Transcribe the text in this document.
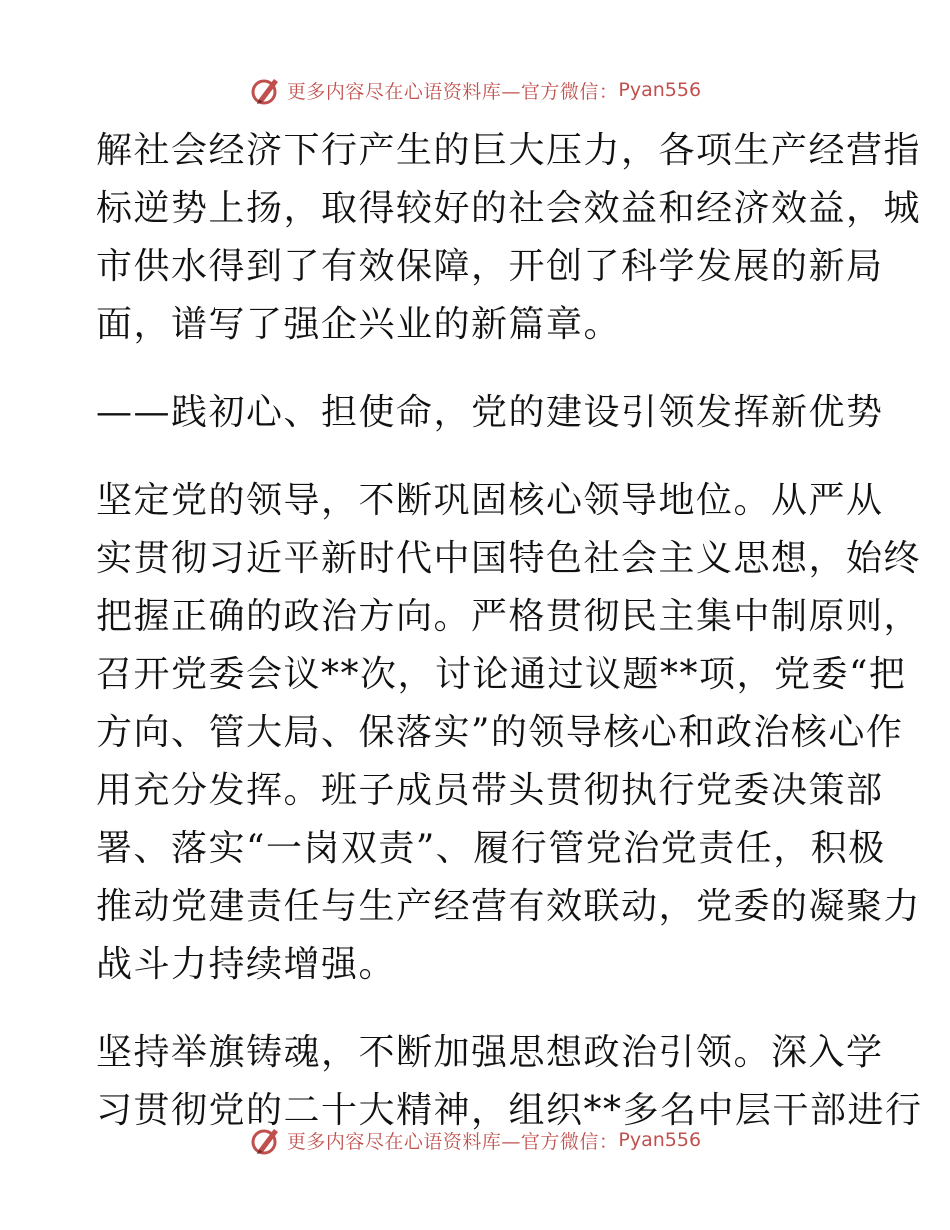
更多内容尽在心语资料库—官方微信： Pyan556
解社会经济下行产生的巨大压力，各项生产经营指
标逆势上扬，取得较好的社会效益和经济效益，城
市供水得到了有效保障，开创了科学发展的新局
面，谱写了强企兴业的新篇章。
——践初心、担使命，党的建设引领发挥新优势
坚定党的领导，不断巩固核心领导地位。从严从
实贯彻习近平新时代中国特色社会主义思想，始终
把握正确的政治方向。严格贯彻民主集中制原则，
召开党委会议**次，讨论通过议题**项，党委“把
方向、管大局、保落实”的领导核心和政治核心作
用充分发挥。班子成员带头贯彻执行党委决策部
署、落实“一岗双责”、履行管党治党责任，积极
推动党建责任与生产经营有效联动，党委的凝聚力
战斗力持续增强。
坚持举旗铸魂，不断加强思想政治引领。深入学
习贯彻党的二十大精神，组织**多名中层干部进行
更多内容尽在心语资料库—官方微信： Pyan556
